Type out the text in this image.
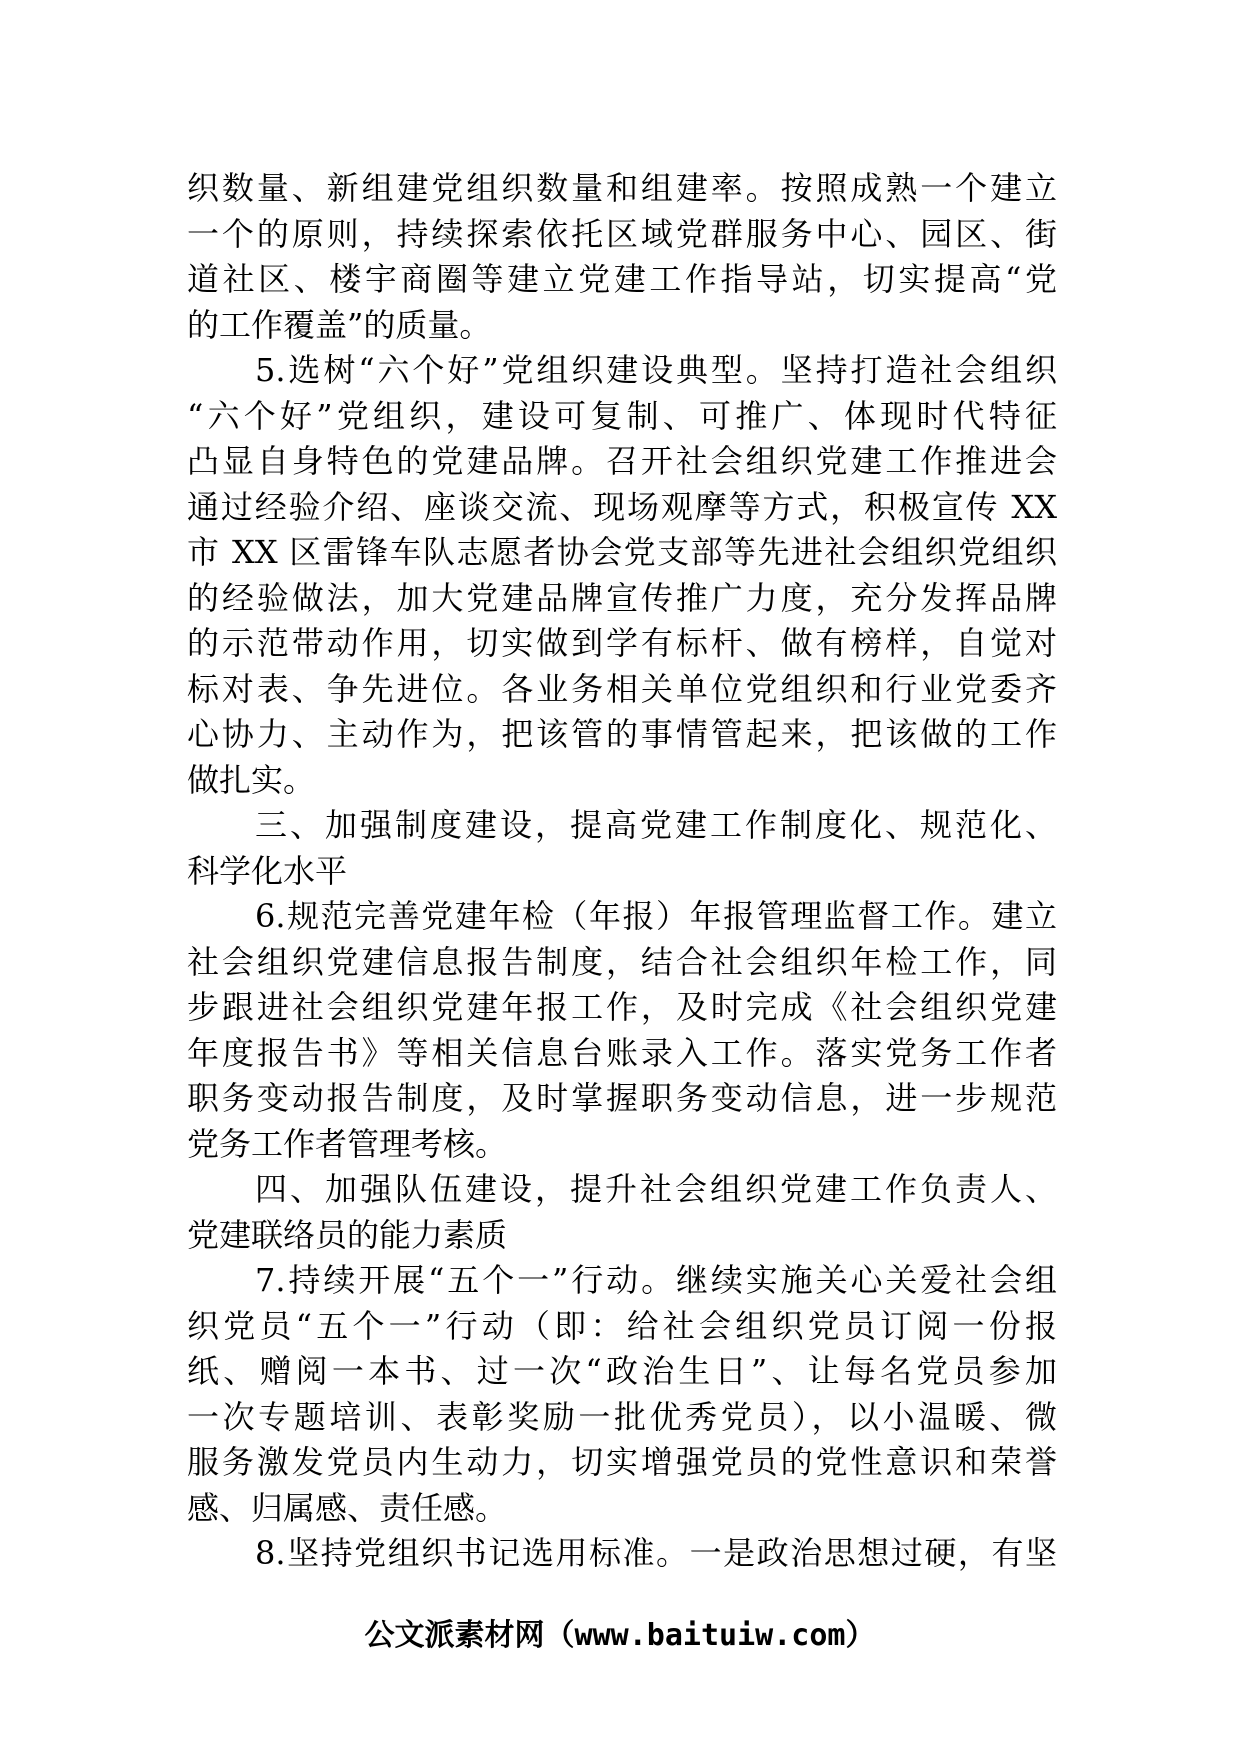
织数量、新组建党组织数量和组建率。按照成熟一个建立

一个的原则，持续探索依托区域党群服务中心、园区、街

道社区、楼宇商圈等建立党建工作指导站，切实提高“党

的工作覆盖”的质量。

5.选树“六个好”党组织建设典型。坚持打造社会组织

“六个好”党组织，建设可复制、可推广、体现时代特征

凸显自身特色的党建品牌。召开社会组织党建工作推进会

通过经验介绍、座谈交流、现场观摩等方式，积极宣传 XX

市 XX 区雷锋车队志愿者协会党支部等先进社会组织党组织

的经验做法，加大党建品牌宣传推广力度，充分发挥品牌

的示范带动作用，切实做到学有标杆、做有榜样，自觉对

标对表、争先进位。各业务相关单位党组织和行业党委齐

心协力、主动作为，把该管的事情管起来，把该做的工作

做扎实。

三、加强制度建设，提高党建工作制度化、规范化、

科学化水平

6.规范完善党建年检（年报）年报管理监督工作。建立

社会组织党建信息报告制度，结合社会组织年检工作，同

步跟进社会组织党建年报工作，及时完成《社会组织党建

年度报告书》等相关信息台账录入工作。落实党务工作者

职务变动报告制度，及时掌握职务变动信息，进一步规范

党务工作者管理考核。

四、加强队伍建设，提升社会组织党建工作负责人、

党建联络员的能力素质

7.持续开展“五个一”行动。继续实施关心关爱社会组

织党员“五个一”行动（即：给社会组织党员订阅一份报

纸、赠阅一本书、过一次“政治生日”、让每名党员参加

一次专题培训、表彰奖励一批优秀党员），以小温暖、微

服务激发党员内生动力，切实增强党员的党性意识和荣誉

感、归属感、责任感。

8.坚持党组织书记选用标准。一是政治思想过硬，有坚

公文派素材网（www.baituiw.com）
